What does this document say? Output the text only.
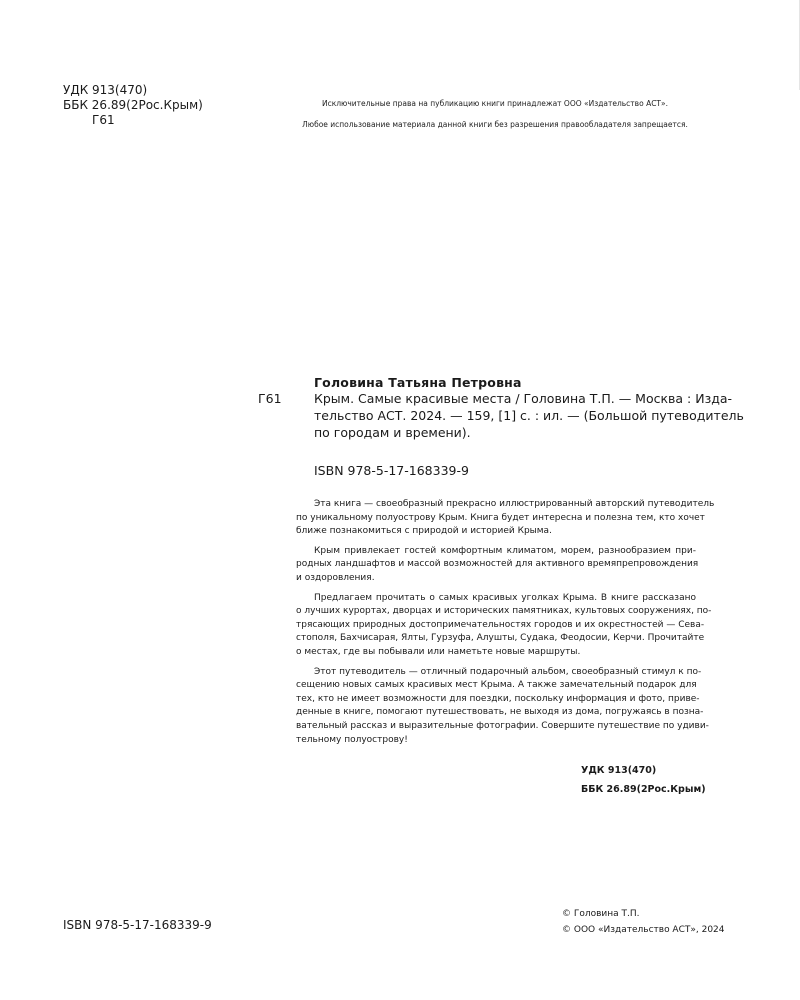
УДК 913(470)
ББК 26.89(2Рос.Крым)
Г61
Исключительные права на публикацию книги принадлежат ООО «Издательство АСТ».
Любое использование материала данной книги без разрешения правообладателя запрещается.
Головина Татьяна Петровна
Г61	Крым. Самые красивые места / Головина Т.П. — Москва : Изда-
тельство АСТ. 2024. — 159, [1] с. : ил. — (Большой путеводитель
по городам и времени).
ISBN 978-5-17-168339-9

Эта книга — своеобразный прекрасно иллюстрированный авторский путеводитель
по уникальному полуострову Крым. Книга будет интересна и полезна тем, кто хочет
ближе познакомиться с природой и историей Крыма.

Крым привлекает гостей комфортным климатом, морем, разнообразием при-
родных ландшафтов и массой возможностей для активного времяпрепровождения
и оздоровления.

Предлагаем прочитать о самых красивых уголках Крыма. В книге рассказано
о лучших курортах, дворцах и исторических памятниках, культовых сооружениях, по-
трясающих природных достопримечательностях городов и их окрестностей — Сева-
стополя, Бахчисарая, Ялты, Гурзуфа, Алушты, Судака, Феодосии, Керчи. Прочитайте
о местах, где вы побывали или наметьте новые маршруты.

Этот путеводитель — отличный подарочный альбом, своеобразный стимул к по-
сещению новых самых красивых мест Крыма. А также замечательный подарок для
тех, кто не имеет возможности для поездки, поскольку информация и фото, приве-
денные в книге, помогают путешествовать, не выходя из дома, погружаясь в позна-
вательный рассказ и выразительные фотографии. Совершите путешествие по удиви-
тельному полуострову!

УДК 913(470)
ББК 26.89(2Рос.Крым)
ISBN 978-5-17-168339-9
© Головина Т.П.
© ООО «Издательство АСТ», 2024
